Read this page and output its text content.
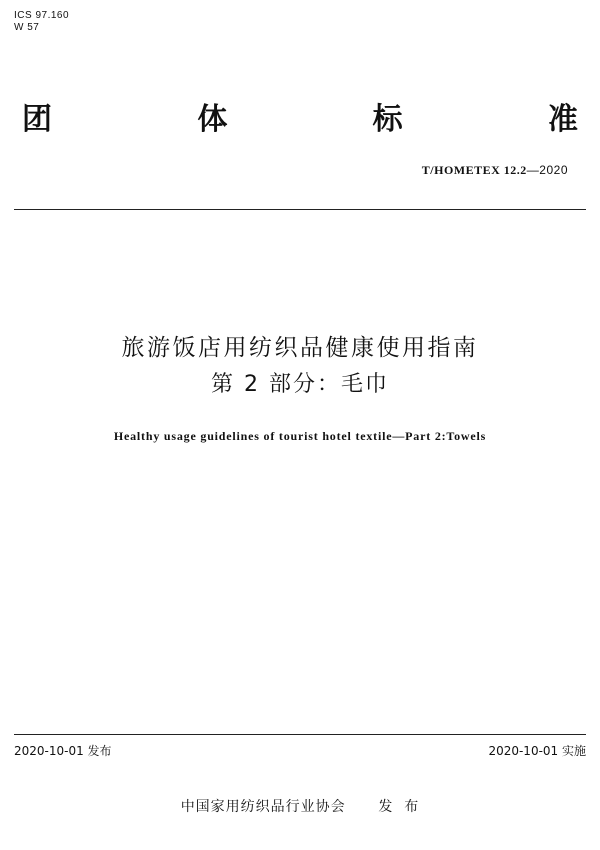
ICS 97.160
W 57
团	体	标	准
T/HOMETEX 12.2—2020
旅游饭店用纺织品健康使用指南
第 2 部分：毛巾
Healthy usage guidelines of tourist hotel textile—Part 2:Towels
2020-10-01 发布	2020-10-01 实施
中国家用纺织品行业协会 发  布
